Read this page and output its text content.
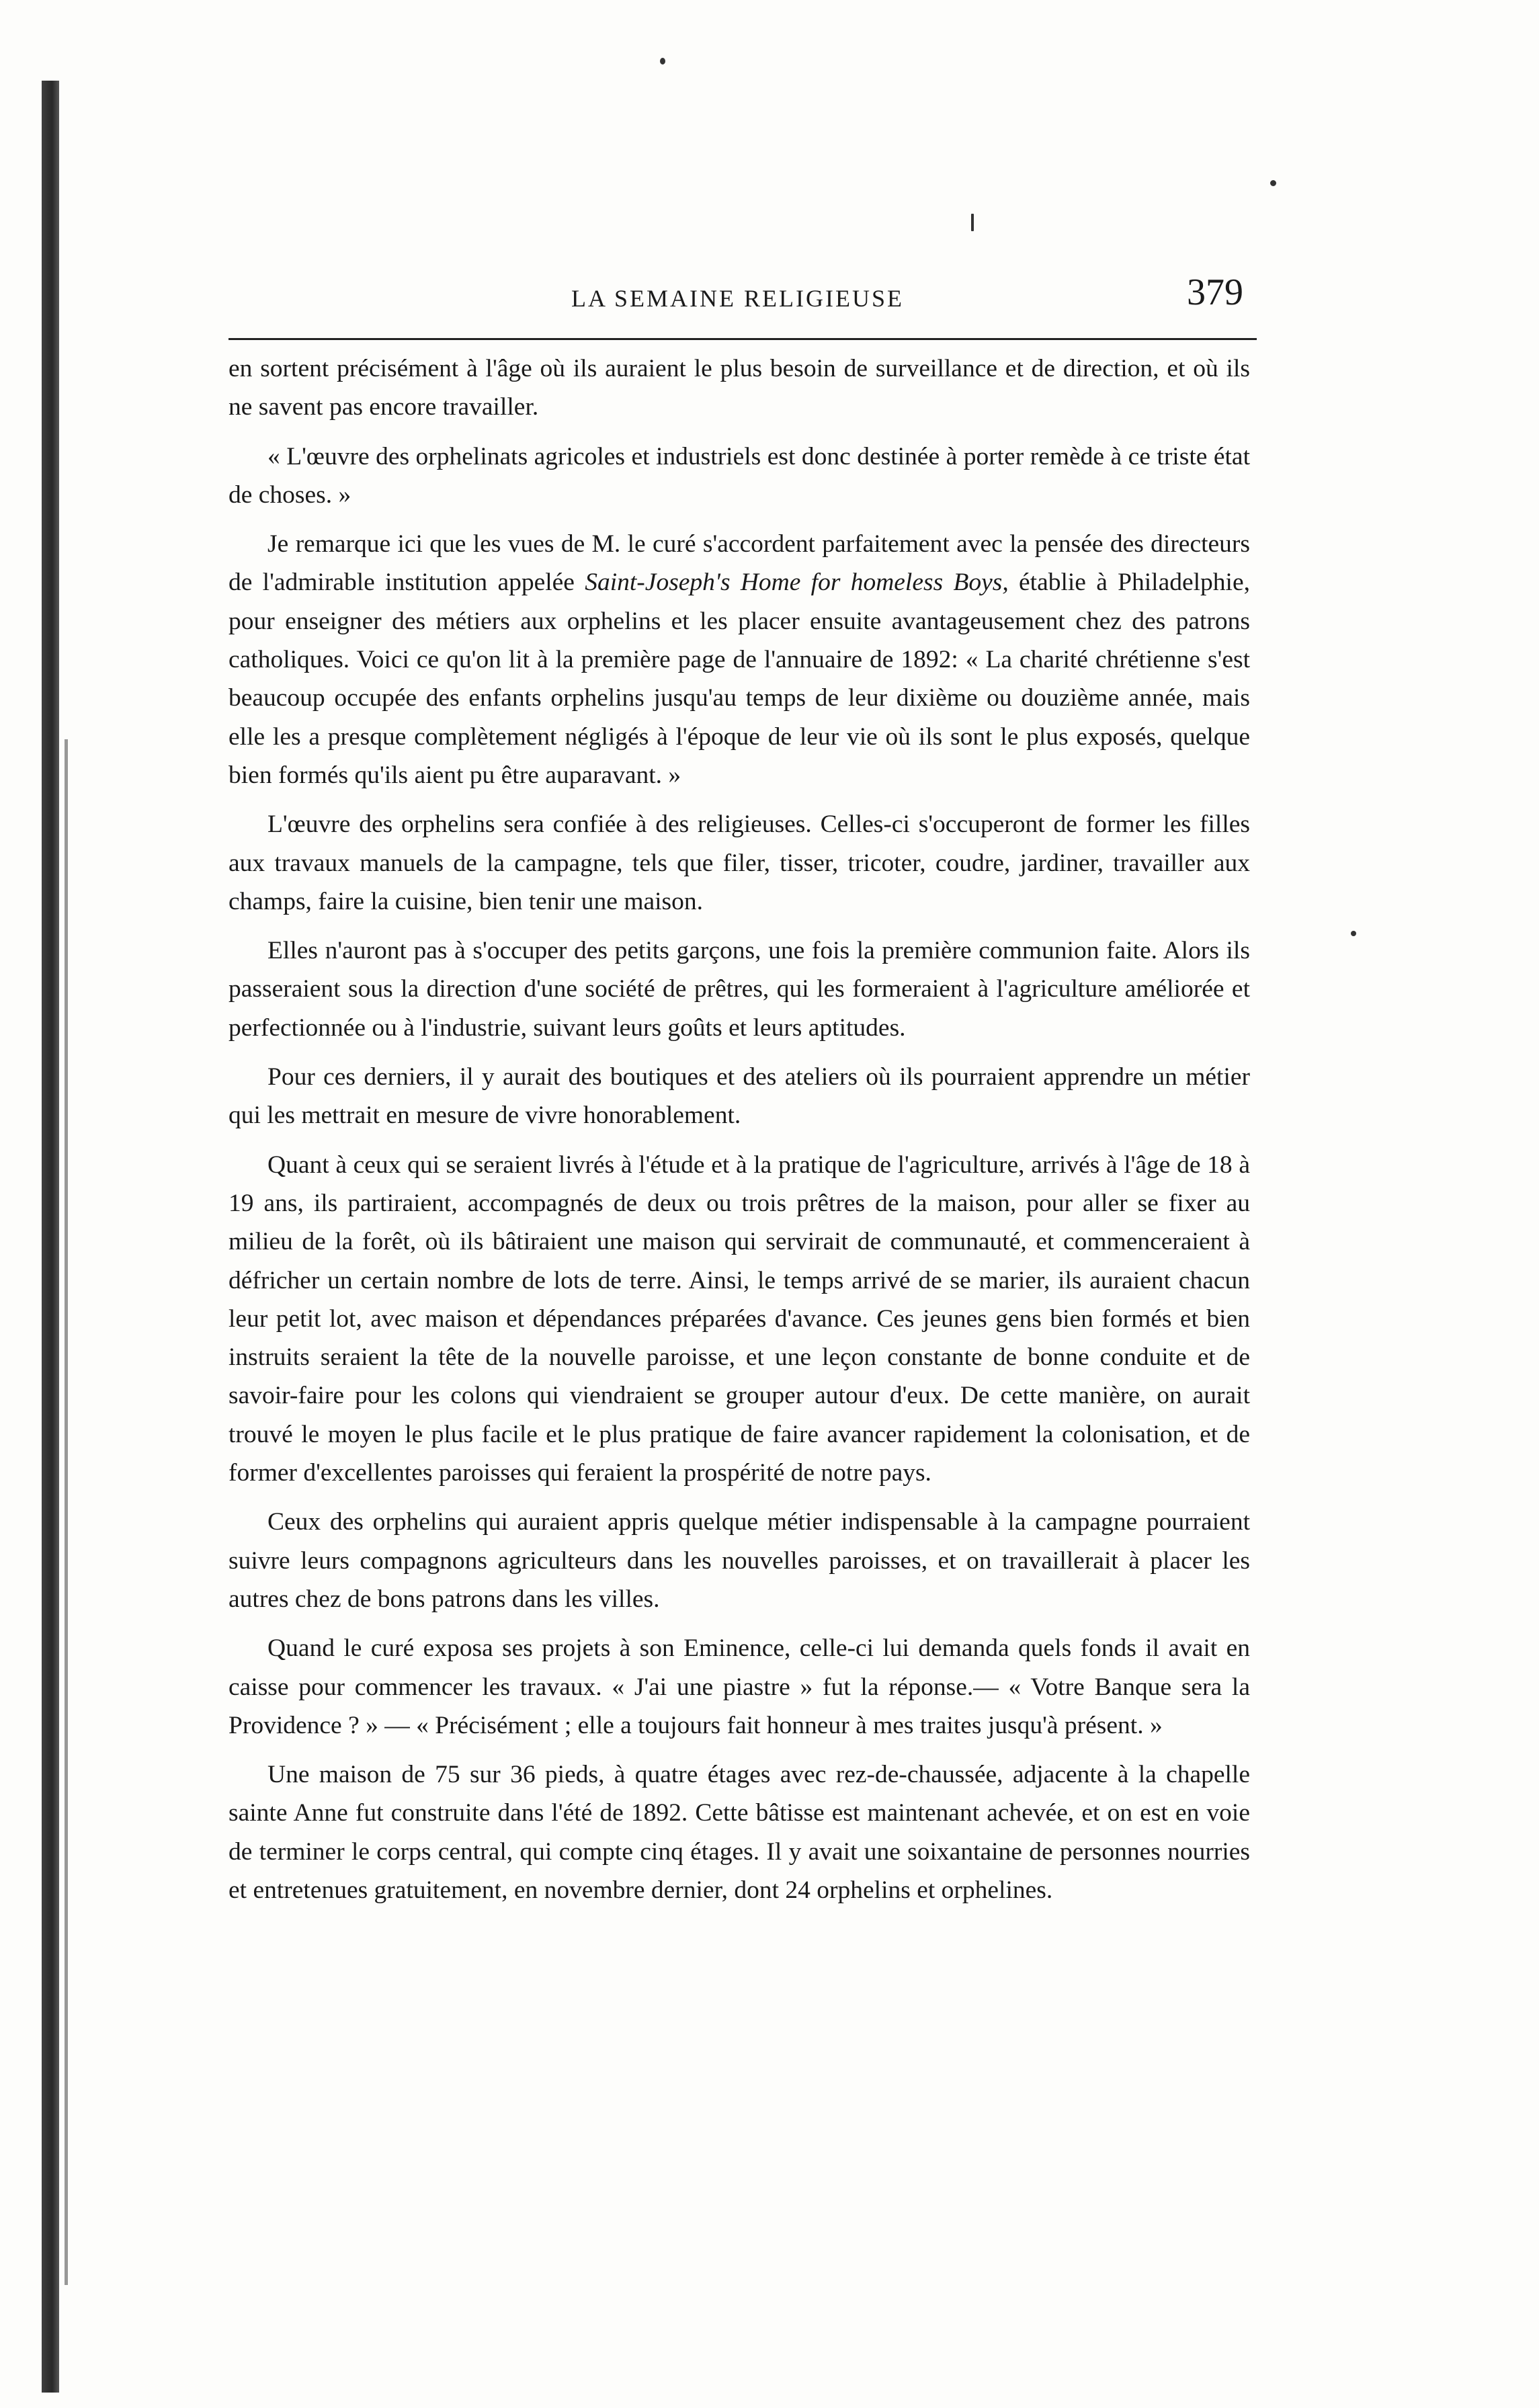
LA SEMAINE RELIGIEUSE	379

en sortent précisément à l'âge où ils auraient le plus besoin de surveillance et de direction, et où ils ne savent pas encore travailler.

« L'œuvre des orphelinats agricoles et industriels est donc destinée à porter remède à ce triste état de choses. »

Je remarque ici que les vues de M. le curé s'accordent parfaitement avec la pensée des directeurs de l'admirable institution appelée Saint-Joseph's Home for homeless Boys, établie à Philadelphie, pour enseigner des métiers aux orphelins et les placer ensuite avantageusement chez des patrons catholiques. Voici ce qu'on lit à la première page de l'annuaire de 1892: « La charité chrétienne s'est beaucoup occupée des enfants orphelins jusqu'au temps de leur dixième ou douzième année, mais elle les a presque complètement négligés à l'époque de leur vie où ils sont le plus exposés, quelque bien formés qu'ils aient pu être auparavant. »

L'œuvre des orphelins sera confiée à des religieuses. Celles-ci s'occuperont de former les filles aux travaux manuels de la campagne, tels que filer, tisser, tricoter, coudre, jardiner, travailler aux champs, faire la cuisine, bien tenir une maison.

Elles n'auront pas à s'occuper des petits garçons, une fois la première communion faite. Alors ils passeraient sous la direction d'une société de prêtres, qui les formeraient à l'agriculture améliorée et perfectionnée ou à l'industrie, suivant leurs goûts et leurs aptitudes.

Pour ces derniers, il y aurait des boutiques et des ateliers où ils pourraient apprendre un métier qui les mettrait en mesure de vivre honorablement.

Quant à ceux qui se seraient livrés à l'étude et à la pratique de l'agriculture, arrivés à l'âge de 18 à 19 ans, ils partiraient, accompagnés de deux ou trois prêtres de la maison, pour aller se fixer au milieu de la forêt, où ils bâtiraient une maison qui servirait de communauté, et commenceraient à défricher un certain nombre de lots de terre. Ainsi, le temps arrivé de se marier, ils auraient chacun leur petit lot, avec maison et dépendances préparées d'avance. Ces jeunes gens bien formés et bien instruits seraient la tête de la nouvelle paroisse, et une leçon constante de bonne conduite et de savoir-faire pour les colons qui viendraient se grouper autour d'eux. De cette manière, on aurait trouvé le moyen le plus facile et le plus pratique de faire avancer rapidement la colonisation, et de former d'excellentes paroisses qui feraient la prospérité de notre pays.

Ceux des orphelins qui auraient appris quelque métier indispensable à la campagne pourraient suivre leurs compagnons agriculteurs dans les nouvelles paroisses, et on travaillerait à placer les autres chez de bons patrons dans les villes.

Quand le curé exposa ses projets à son Eminence, celle-ci lui demanda quels fonds il avait en caisse pour commencer les travaux. « J'ai une piastre » fut la réponse.— « Votre Banque sera la Providence ? » — « Précisément ; elle a toujours fait honneur à mes traites jusqu'à présent. »

Une maison de 75 sur 36 pieds, à quatre étages avec rez-de-chaussée, adjacente à la chapelle sainte Anne fut construite dans l'été de 1892. Cette bâtisse est maintenant achevée, et on est en voie de terminer le corps central, qui compte cinq étages. Il y avait une soixantaine de personnes nourries et entretenues gratuitement, en novembre dernier, dont 24 orphelins et orphelines.
